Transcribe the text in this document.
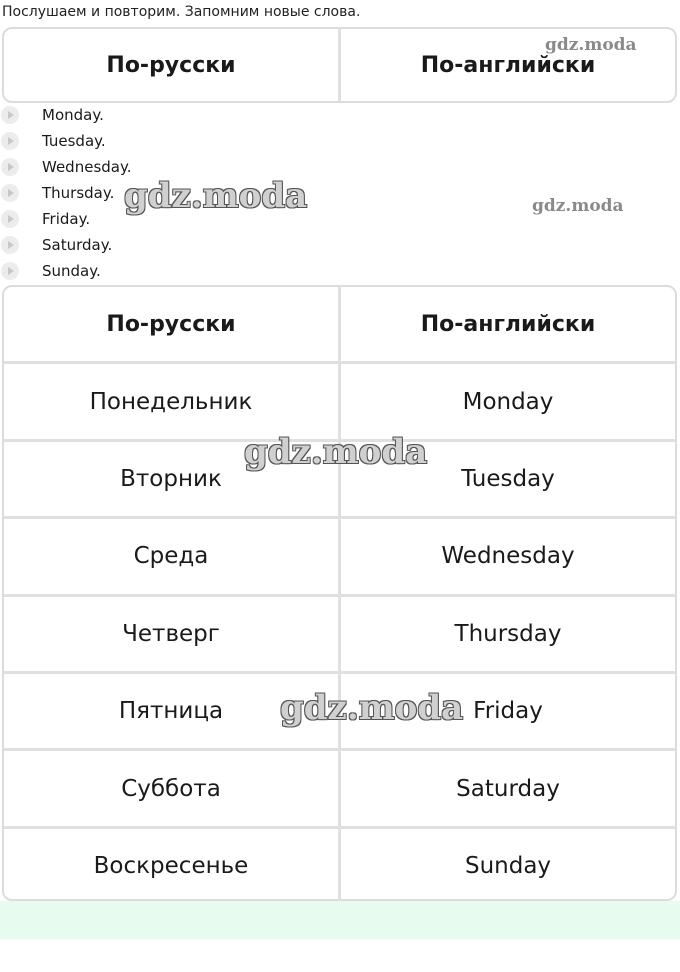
Послушаем и повторим. Запомним новые слова.
По-русски	По-английски
Monday.
Tuesday.
Wednesday.
Thursday.
Friday.
Saturday.
Sunday.
По-русски	По-английски
Понедельник	Monday
Вторник	Tuesday
Среда	Wednesday
Четверг	Thursday
Пятница	Friday
Суббота	Saturday
Воскресенье	Sunday
gdz.moda
gdz.moda	gdz.moda
gdz.moda
gdz.moda
